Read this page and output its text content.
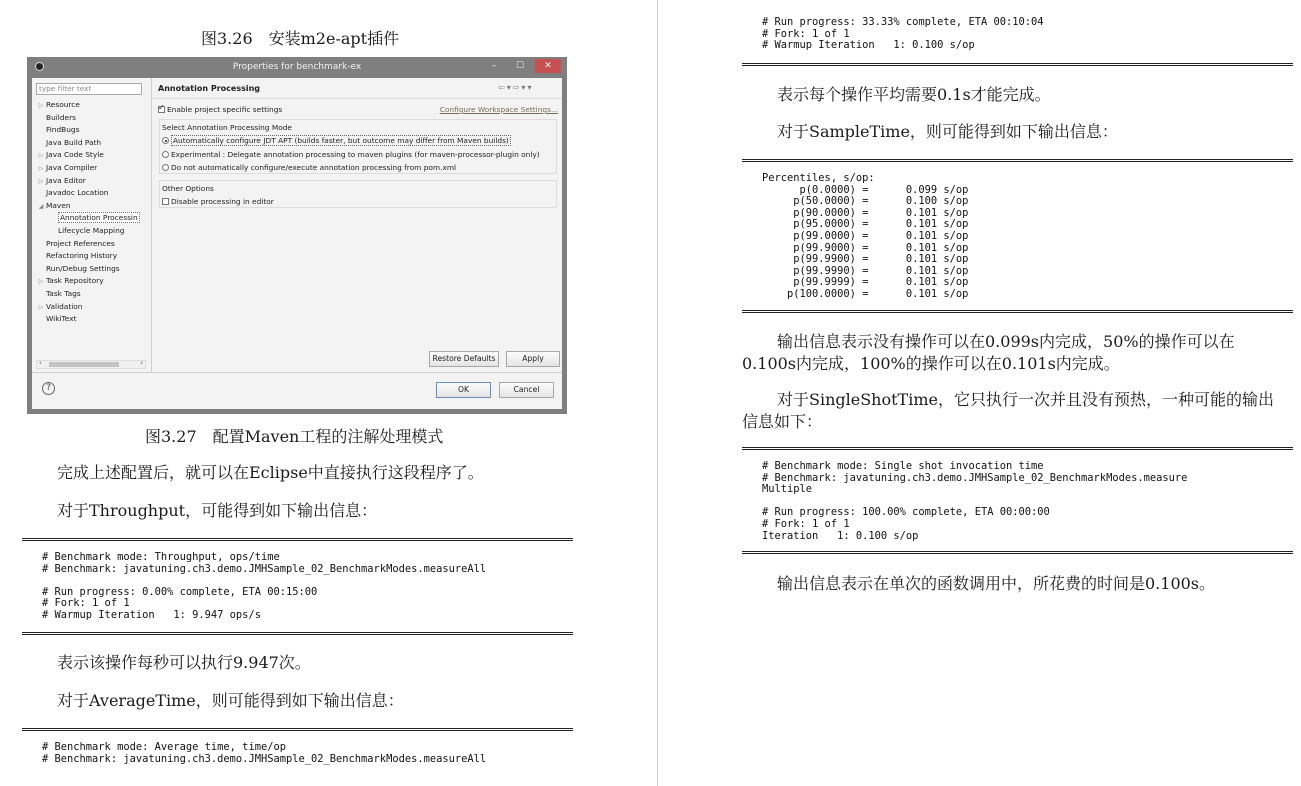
图3.26　安装m2e-apt插件
Properties for benchmark-ex	–	☐	✕
type filter text
▷ Resource
Builders
FindBugs
Java Build Path
▷ Java Code Style
▷ Java Compiler
▷ Java Editor
Javadoc Location
◢ Maven
Annotation Processin
Lifecycle Mapping
Project References
Refactoring History
Run/Debug Settings
▷ Task Repository
Task Tags
▷ Validation
WikiText
‹	›
Annotation Processing	⇦▾⇨▾▾
✓Enable project specific settings	Configure Workspace Settings...
Select Annotation Processing Mode
Automatically configure JDT APT (builds faster, but outcome may differ from Maven builds)
Experimental : Delegate annotation processing to maven plugins (for maven-processor-plugin only)
Do not automatically configure/execute annotation processing from pom.xml
Other Options
Disable processing in editor
Restore Defaults	Apply
?	OK	Cancel
图3.27　配置Maven工程的注解处理模式
完成上述配置后，就可以在Eclipse中直接执行这段程序了。
对于Throughput，可能得到如下输出信息：
# Benchmark mode: Throughput, ops/time
# Benchmark: javatuning.ch3.demo.JMHSample_02_BenchmarkModes.measureAll

# Run progress: 0.00% complete, ETA 00:15:00
# Fork: 1 of 1
# Warmup Iteration   1: 9.947 ops/s
表示该操作每秒可以执行9.947次。
对于AverageTime，则可能得到如下输出信息：
# Benchmark mode: Average time, time/op
# Benchmark: javatuning.ch3.demo.JMHSample_02_BenchmarkModes.measureAll
# Run progress: 33.33% complete, ETA 00:10:04
# Fork: 1 of 1
# Warmup Iteration   1: 0.100 s/op
表示每个操作平均需要0.1s才能完成。
对于SampleTime，则可能得到如下输出信息：
Percentiles, s/op:
p(0.0000) =      0.099 s/op
p(50.0000) =      0.100 s/op
p(90.0000) =      0.101 s/op
p(95.0000) =      0.101 s/op
p(99.0000) =      0.101 s/op
p(99.9000) =      0.101 s/op
p(99.9900) =      0.101 s/op
p(99.9990) =      0.101 s/op
p(99.9999) =      0.101 s/op
p(100.0000) =      0.101 s/op
输出信息表示没有操作可以在0.099s内完成，50%的操作可以在0.100s内完成，100%的操作可以在0.101s内完成。
对于SingleShotTime，它只执行一次并且没有预热，一种可能的输出信息如下：
# Benchmark mode: Single shot invocation time
# Benchmark: javatuning.ch3.demo.JMHSample_02_BenchmarkModes.measure
Multiple

# Run progress: 100.00% complete, ETA 00:00:00
# Fork: 1 of 1
Iteration   1: 0.100 s/op
输出信息表示在单次的函数调用中，所花费的时间是0.100s。
